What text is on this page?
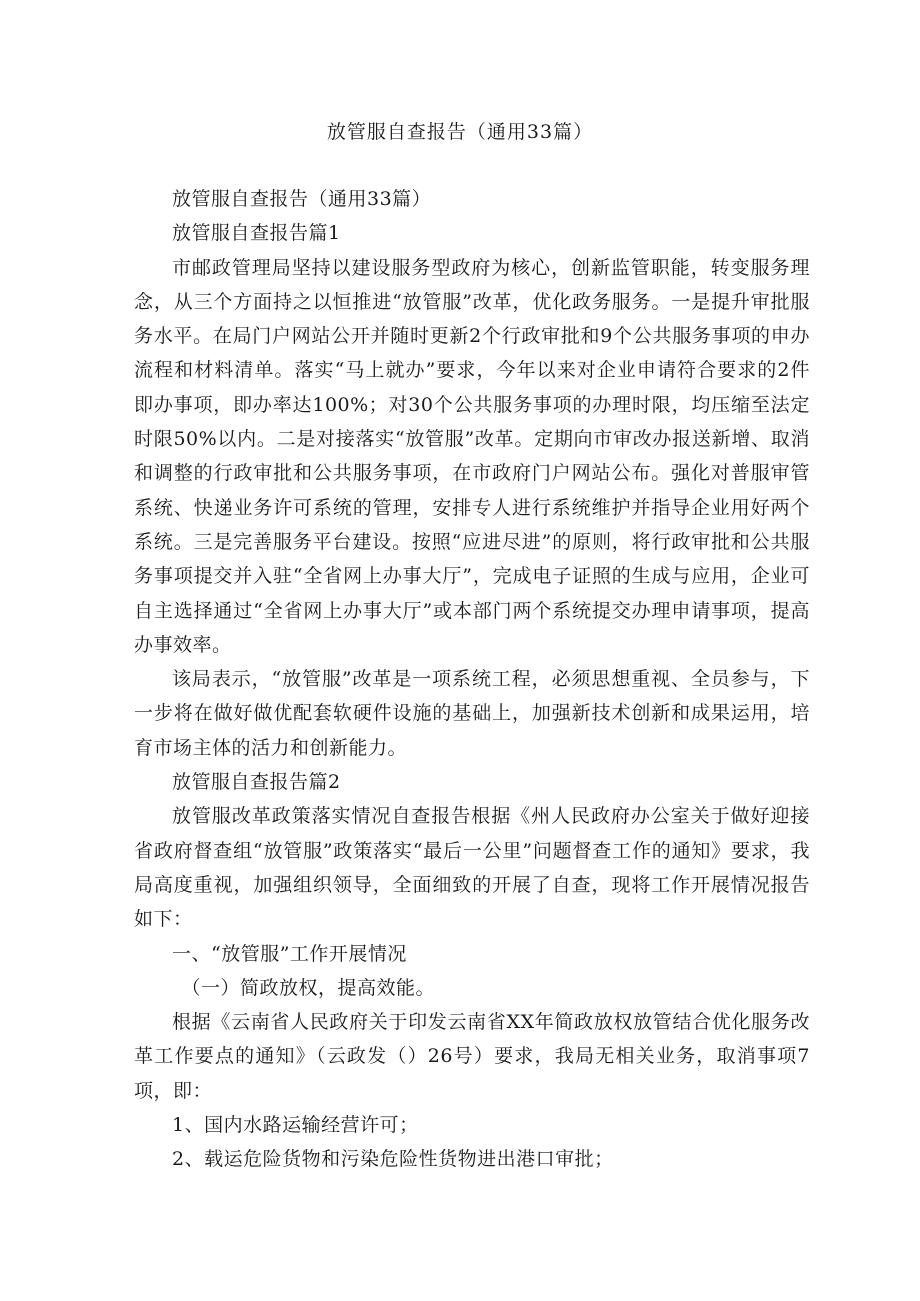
放管服自查报告（通用33篇）

放管服自查报告（通用33篇）

放管服自查报告篇1

市邮政管理局坚持以建设服务型政府为核心，创新监管职能，转变服务理念，从三个方面持之以恒推进“放管服”改革，优化政务服务。一是提升审批服务水平。在局门户网站公开并随时更新2个行政审批和9个公共服务事项的申办流程和材料清单。落实“马上就办”要求，今年以来对企业申请符合要求的2件即办事项，即办率达100%；对30个公共服务事项的办理时限，均压缩至法定时限50%以内。二是对接落实“放管服”改革。定期向市审改办报送新增、取消和调整的行政审批和公共服务事项，在市政府门户网站公布。强化对普服审管系统、快递业务许可系统的管理，安排专人进行系统维护并指导企业用好两个系统。三是完善服务平台建设。按照“应进尽进”的原则，将行政审批和公共服务事项提交并入驻“全省网上办事大厅”，完成电子证照的生成与应用，企业可自主选择通过“全省网上办事大厅”或本部门两个系统提交办理申请事项，提高办事效率。

该局表示，“放管服”改革是一项系统工程，必须思想重视、全员参与，下一步将在做好做优配套软硬件设施的基础上，加强新技术创新和成果运用，培育市场主体的活力和创新能力。

放管服自查报告篇2

放管服改革政策落实情况自查报告根据《州人民政府办公室关于做好迎接省政府督查组“放管服”政策落实“最后一公里”问题督查工作的通知》要求，我局高度重视，加强组织领导，全面细致的开展了自查，现将工作开展情况报告如下：

一、“放管服”工作开展情况

（一）简政放权，提高效能。

根据《云南省人民政府关于印发云南省XX年简政放权放管结合优化服务改革工作要点的通知》（云政发（）26号）要求，我局无相关业务，取消事项7项，即：

1、国内水路运输经营许可；

2、载运危险货物和污染危险性货物进出港口审批；
